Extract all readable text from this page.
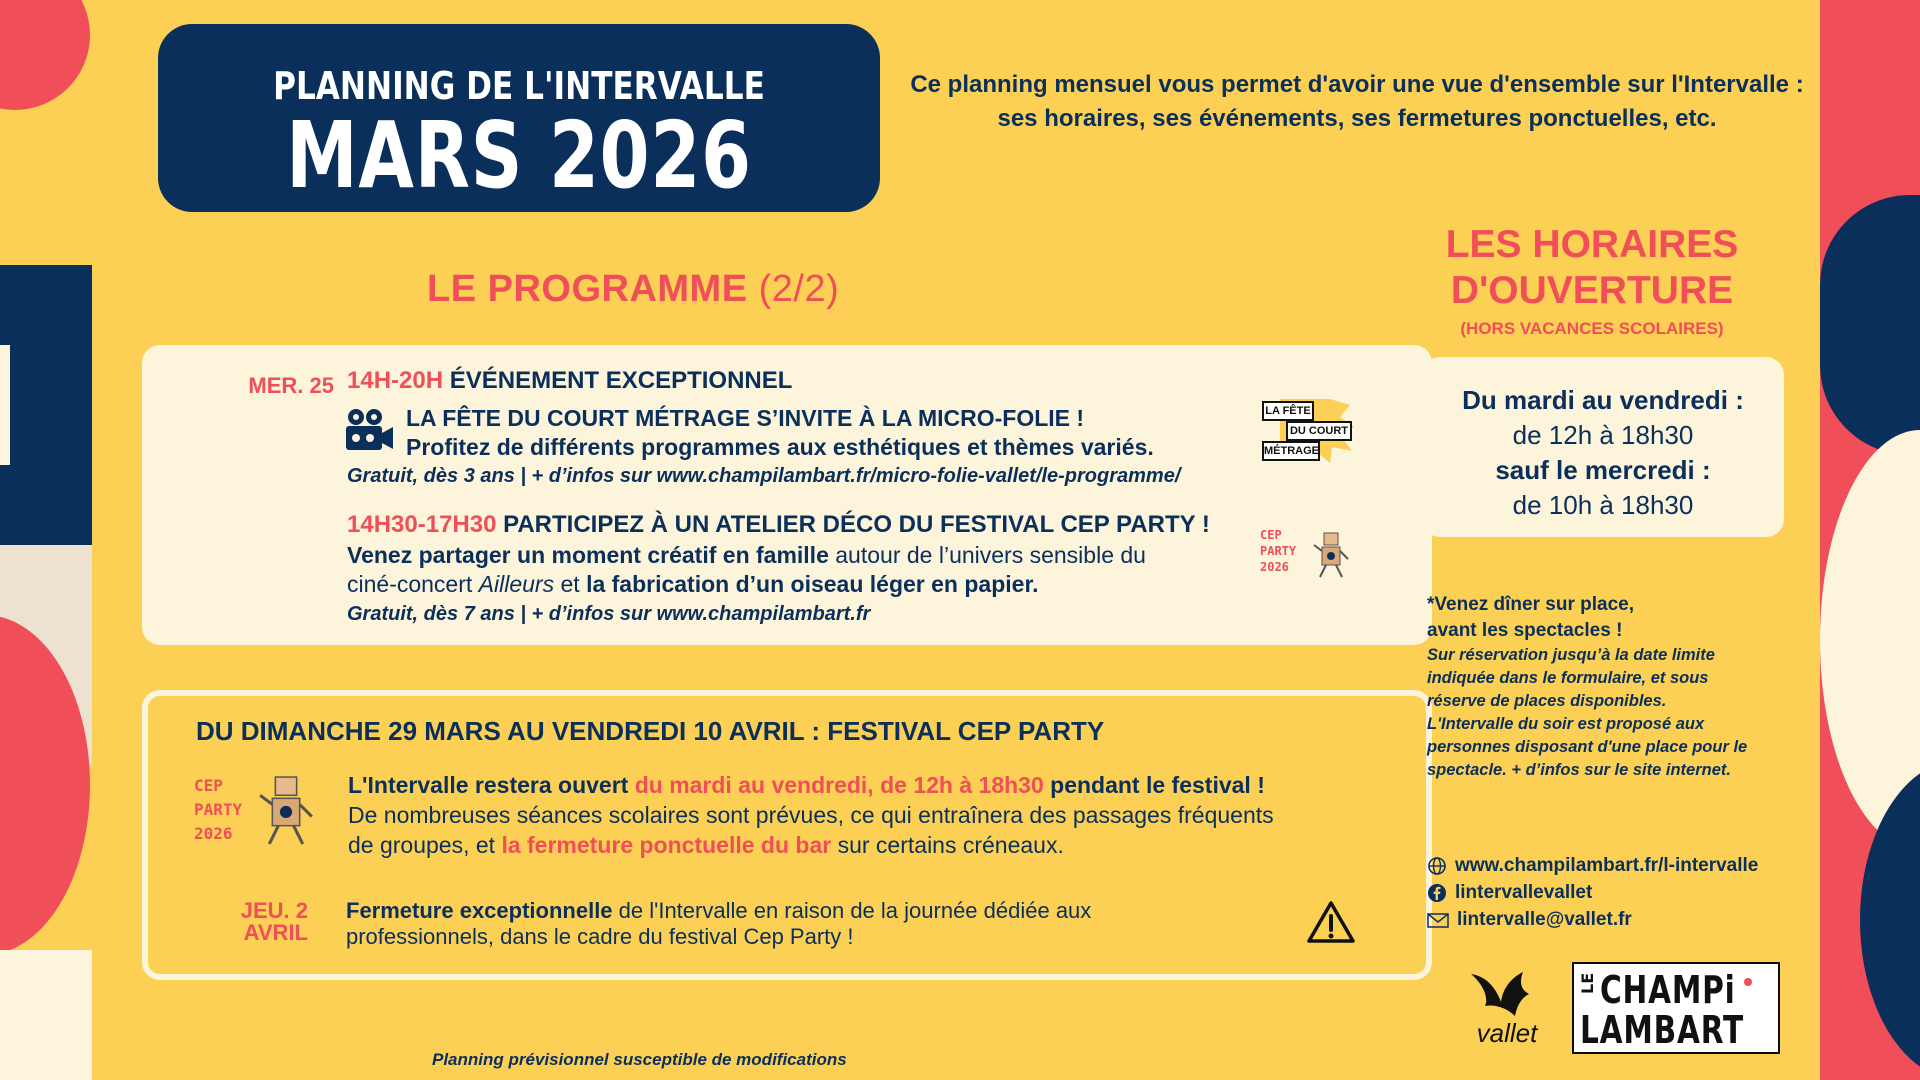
PLANNING DE L'INTERVALLE
MARS 2026
Ce planning mensuel vous permet d'avoir une vue d'ensemble sur l'Intervalle :
ses horaires, ses événements, ses fermetures ponctuelles, etc.
LE PROGRAMME (2/2)
MER. 25 14H-20H ÉVÉNEMENT EXCEPTIONNEL
LA FÊTE DU COURT MÉTRAGE S’INVITE À LA MICRO-FOLIE !
Profitez de différents programmes aux esthétiques et thèmes variés.
Gratuit, dès 3 ans | + d’infos sur www.champilambart.fr/micro-folie-vallet/le-programme/
LA FÊTE
DU COURT
MÉTRAGE
14H30-17H30 PARTICIPEZ À UN ATELIER DÉCO DU FESTIVAL CEP PARTY !
Venez partager un moment créatif en famille autour de l’univers sensible du
ciné-concert Ailleurs et la fabrication d’un oiseau léger en papier.
Gratuit, dès 7 ans | + d’infos sur www.champilambart.fr
CEP
PARTY
2026
DU DIMANCHE 29 MARS AU VENDREDI 10 AVRIL : FESTIVAL CEP PARTY
CEP
PARTY
2026
L'Intervalle restera ouvert du mardi au vendredi, de 12h à 18h30 pendant le festival !
De nombreuses séances scolaires sont prévues, ce qui entraînera des passages fréquents
de groupes, et la fermeture ponctuelle du bar sur certains créneaux.
JEU. 2
AVRIL
Fermeture exceptionnelle de l'Intervalle en raison de la journée dédiée aux
professionnels, dans le cadre du festival Cep Party !
LES HORAIRES
D'OUVERTURE
(HORS VACANCES SCOLAIRES)
Du mardi au vendredi :
de 12h à 18h30
sauf le mercredi :
de 10h à 18h30
*Venez dîner sur place,
avant les spectacles !
Sur réservation jusqu’à la date limite
indiquée dans le formulaire, et sous
réserve de places disponibles.
L'Intervalle du soir est proposé aux
personnes disposant d'une place pour le
spectacle. + d’infos sur le site internet.
www.champilambart.fr/l-intervalle
lintervallevallet
lintervalle@vallet.fr
vallet
LE CHAMPi
LAMBART
Planning prévisionnel susceptible de modifications
